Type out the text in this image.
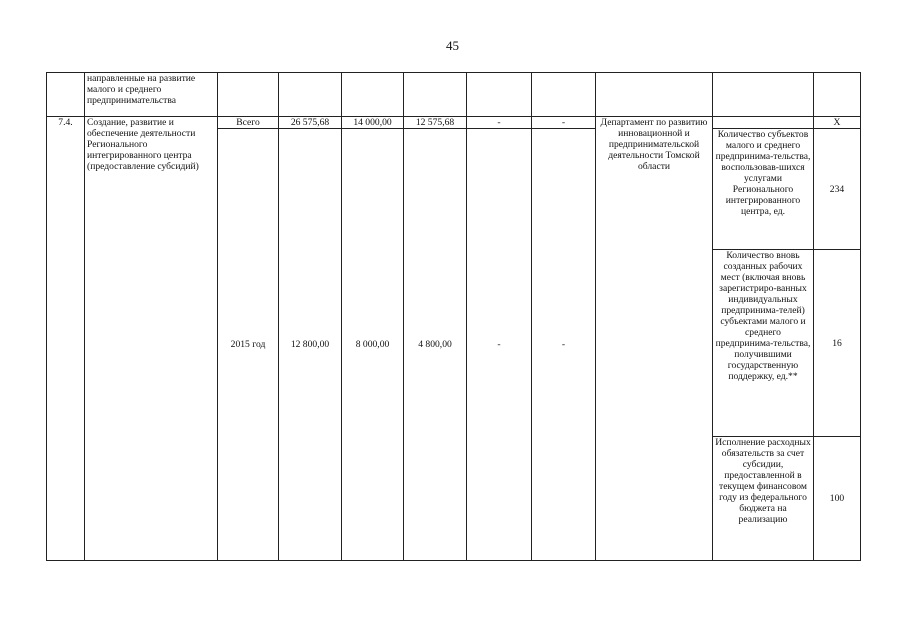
45
	направленные на развитие малого и среднего предпринимательства									
7.4.	Создание, развитие и обеспечение деятельности Регионального интегрированного центра (предоставление субсидий)	Всего	26 575,68	14 000,00	12 575,68	-	-	Департамент по развитию инновационной и предпринимательской деятельности Томской области		Х
		2015 год	12 800,00	8 000,00	4 800,00	-	-		Количество субъектов малого и среднего предпринима-тельства, воспользовав-шихся услугами Регионального интегрированного центра, ед.	234
									Количество вновь созданных рабочих мест (включая вновь зарегистриро-ванных индивидуальных предпринима-телей) субъектами малого и среднего предпринима-тельства, получившими государственную поддержку, ед.**	16
									Исполнение расходных обязательств за счет субсидии, предоставленной в текущем финансовом году из федерального бюджета на реализацию	100
